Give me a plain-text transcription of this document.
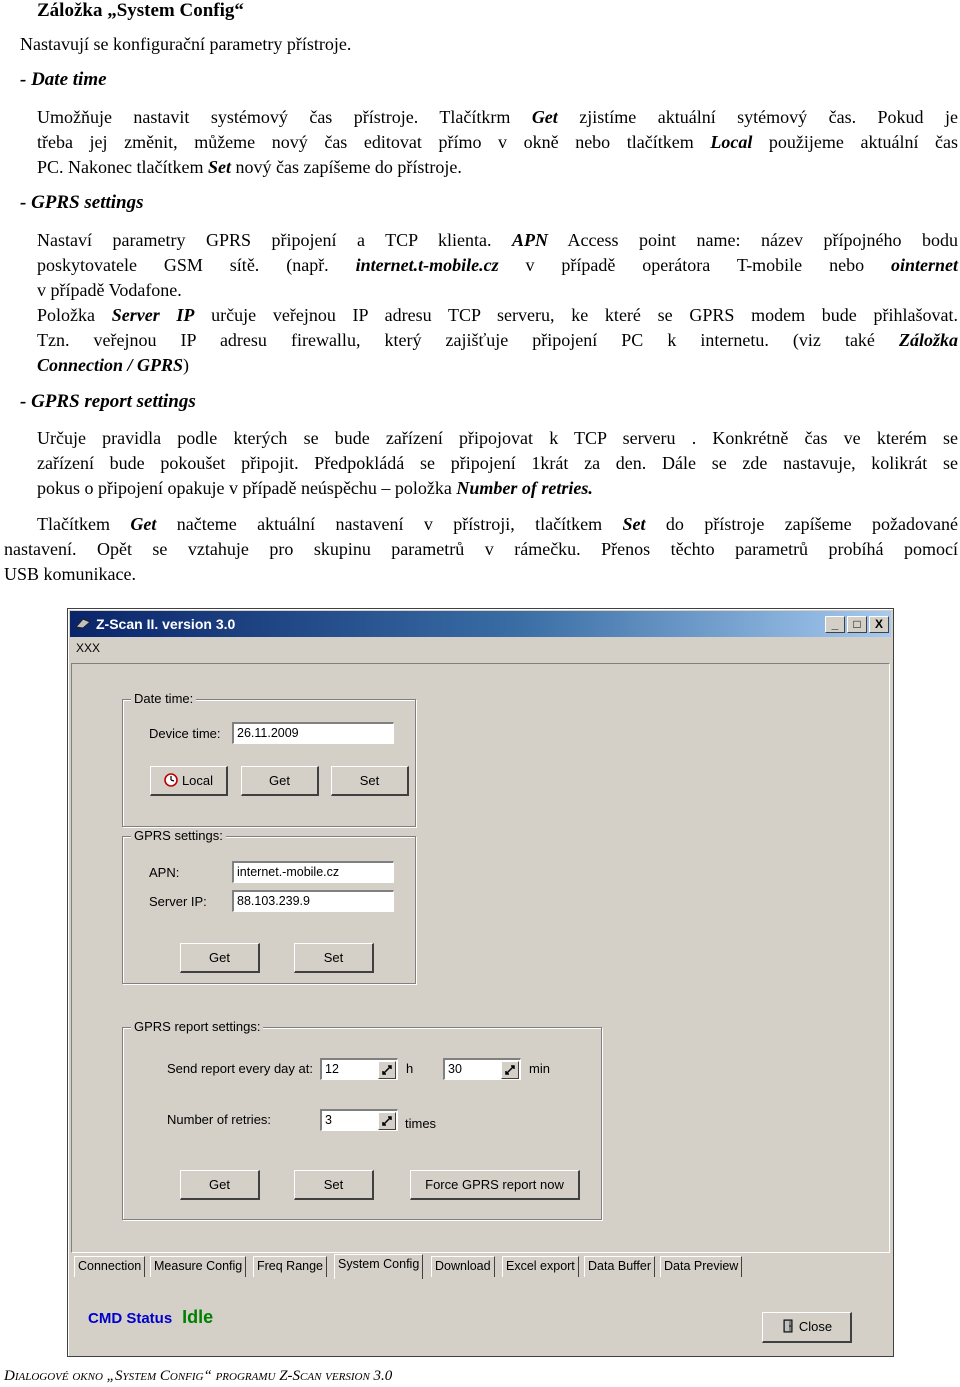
Záložka „System Config“
Nastavují se konfigurační parametry přístroje.
- Date time
Umožňuje nastavit systémový čas přístroje. Tlačítkrm Get zjistíme aktuální sytémový čas. Pokud je
třeba jej změnit, můžeme nový čas editovat přímo v okně nebo tlačítkem Local použijeme aktuální čas
PC. Nakonec tlačítkem Set nový čas zapíšeme do přístroje.
- GPRS settings
Nastaví parametry GPRS připojení a TCP klienta. APN Access point name: název přípojného bodu
poskytovatele GSM sítě. (např. internet.t-mobile.cz v případě operátora T-mobile nebo ointernet
v případě Vodafone.
Položka Server IP určuje veřejnou IP adresu TCP serveru, ke které se GPRS modem bude přihlašovat.
Tzn. veřejnou IP adresu firewallu, který zajišťuje připojení PC k internetu. (viz také Záložka
Connection / GPRS)
- GPRS report settings
Určuje pravidla podle kterých se bude zařízení připojovat k TCP serveru . Konkrétně čas ve kterém se
zařízení bude pokoušet připojit. Předpokládá se připojení 1krát za den. Dále se zde nastavuje, kolikrát se
pokus o připojení opakuje v případě neúspěchu – položka Number of retries.
Tlačítkem Get načteme aktuální nastavení v přístroji, tlačítkem Set do přístroje zapíšeme požadované
nastavení. Opět se vztahuje pro skupinu parametrů v rámečku. Přenos těchto parametrů probíhá pomocí
USB komunikace.
Z-Scan II. version 3.0	_	□	X
XXX
Date time:
Device time:	26.11.2009
Local	Get	Set
GPRS settings:
APN:	internet.-mobile.cz
Server IP:	88.103.239.9
Get	Set
GPRS report settings:
Send report every day at: 12	h	30	min
Number of retries:	3	times
Get	Set	Force GPRS report now
Connection	Measure Config	Freq Range	System Config	Download	Excel export	Data Buffer	Data Preview
CMD Status Idle	Close
Dialogové okno „System Config“ programu Z-Scan version 3.0
